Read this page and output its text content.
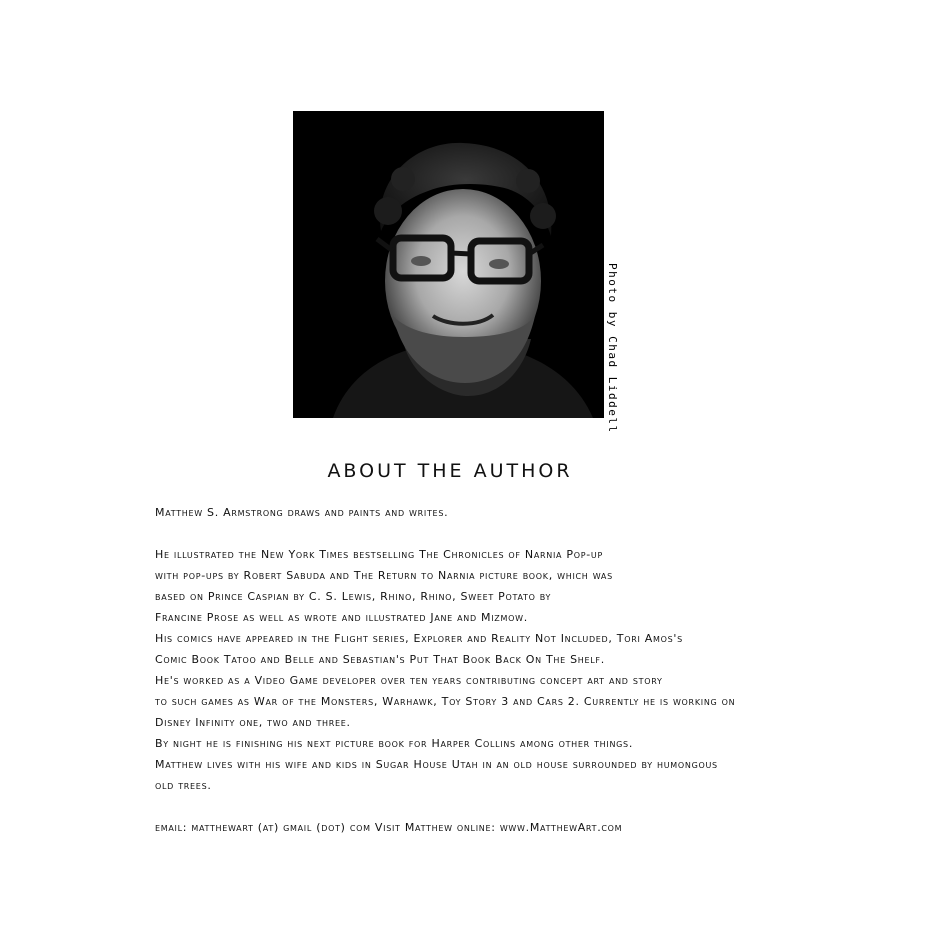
Photo by Chad Liddell
ABOUT THE AUTHOR

Matthew S. Armstrong draws and paints and writes.

He illustrated the New York Times bestselling The Chronicles of Narnia Pop-up

with pop-ups by Robert Sabuda and The Return to Narnia picture book, which was

based on Prince Caspian by C. S. Lewis, Rhino, Rhino, Sweet Potato by

Francine Prose as well as wrote and illustrated Jane and Mizmow.

His comics have appeared in the Flight series, Explorer and Reality Not Included, Tori Amos's

Comic Book Tatoo and Belle and Sebastian's Put That Book Back On The Shelf.

He's worked as a Video Game developer over ten years contributing concept art and story

to such games as War of the Monsters, Warhawk, Toy Story 3 and Cars 2. Currently he is working on

Disney Infinity one, two and three.

By night he is finishing his next picture book for Harper Collins among other things.

Matthew lives with his wife and kids in Sugar House Utah in an old house surrounded by humongous

old trees.

email: matthewart (at) gmail (dot) com Visit Matthew online: www.MatthewArt.com
